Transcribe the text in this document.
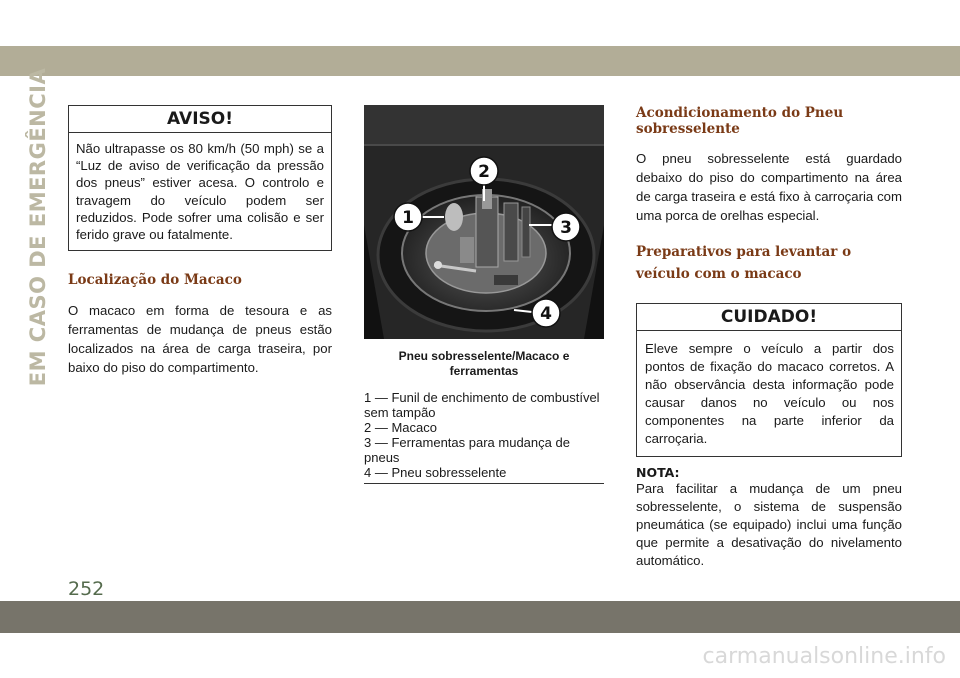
EM CASO DE EMERGÊNCIA	AVISO!
Não ultrapasse os 80 km/h (50 mph) se a “Luz de aviso de verificação da pressão dos pneus” estiver acesa. O controlo e travagem do veículo podem ser reduzidos. Pode sofrer uma colisão e ser ferido grave ou fatalmente.
Localização do Macaco

O macaco em forma de tesoura e as ferramentas de mudança de pneus estão localizados na área de carga traseira, por baixo do piso do compartimento.

1
2
3
4
Pneu sobresselente/Macaco e ferramentas
1 — Funil de enchimento de combustível sem tampão
2 — Macaco
3 — Ferramentas para mudança de pneus
4 — Pneu sobresselente
Acondicionamento do Pneu sobresselente

O pneu sobresselente está guardado debaixo do piso do compartimento na área de carga traseira e está fixo à carroçaria com uma porca de orelhas especial.

Preparativos para levantar o veículo com o macaco
CUIDADO!
Eleve sempre o veículo a partir dos pontos de fixação do macaco corretos. A não observância desta informação pode causar danos no veículo ou nos componentes na parte inferior da carroçaria.
NOTA:

Para facilitar a mudança de um pneu sobresselente, o sistema de suspensão pneumática (se equipado) inclui uma função que permite a desativação do nivelamento automático.

252
carmanualsonline.info
